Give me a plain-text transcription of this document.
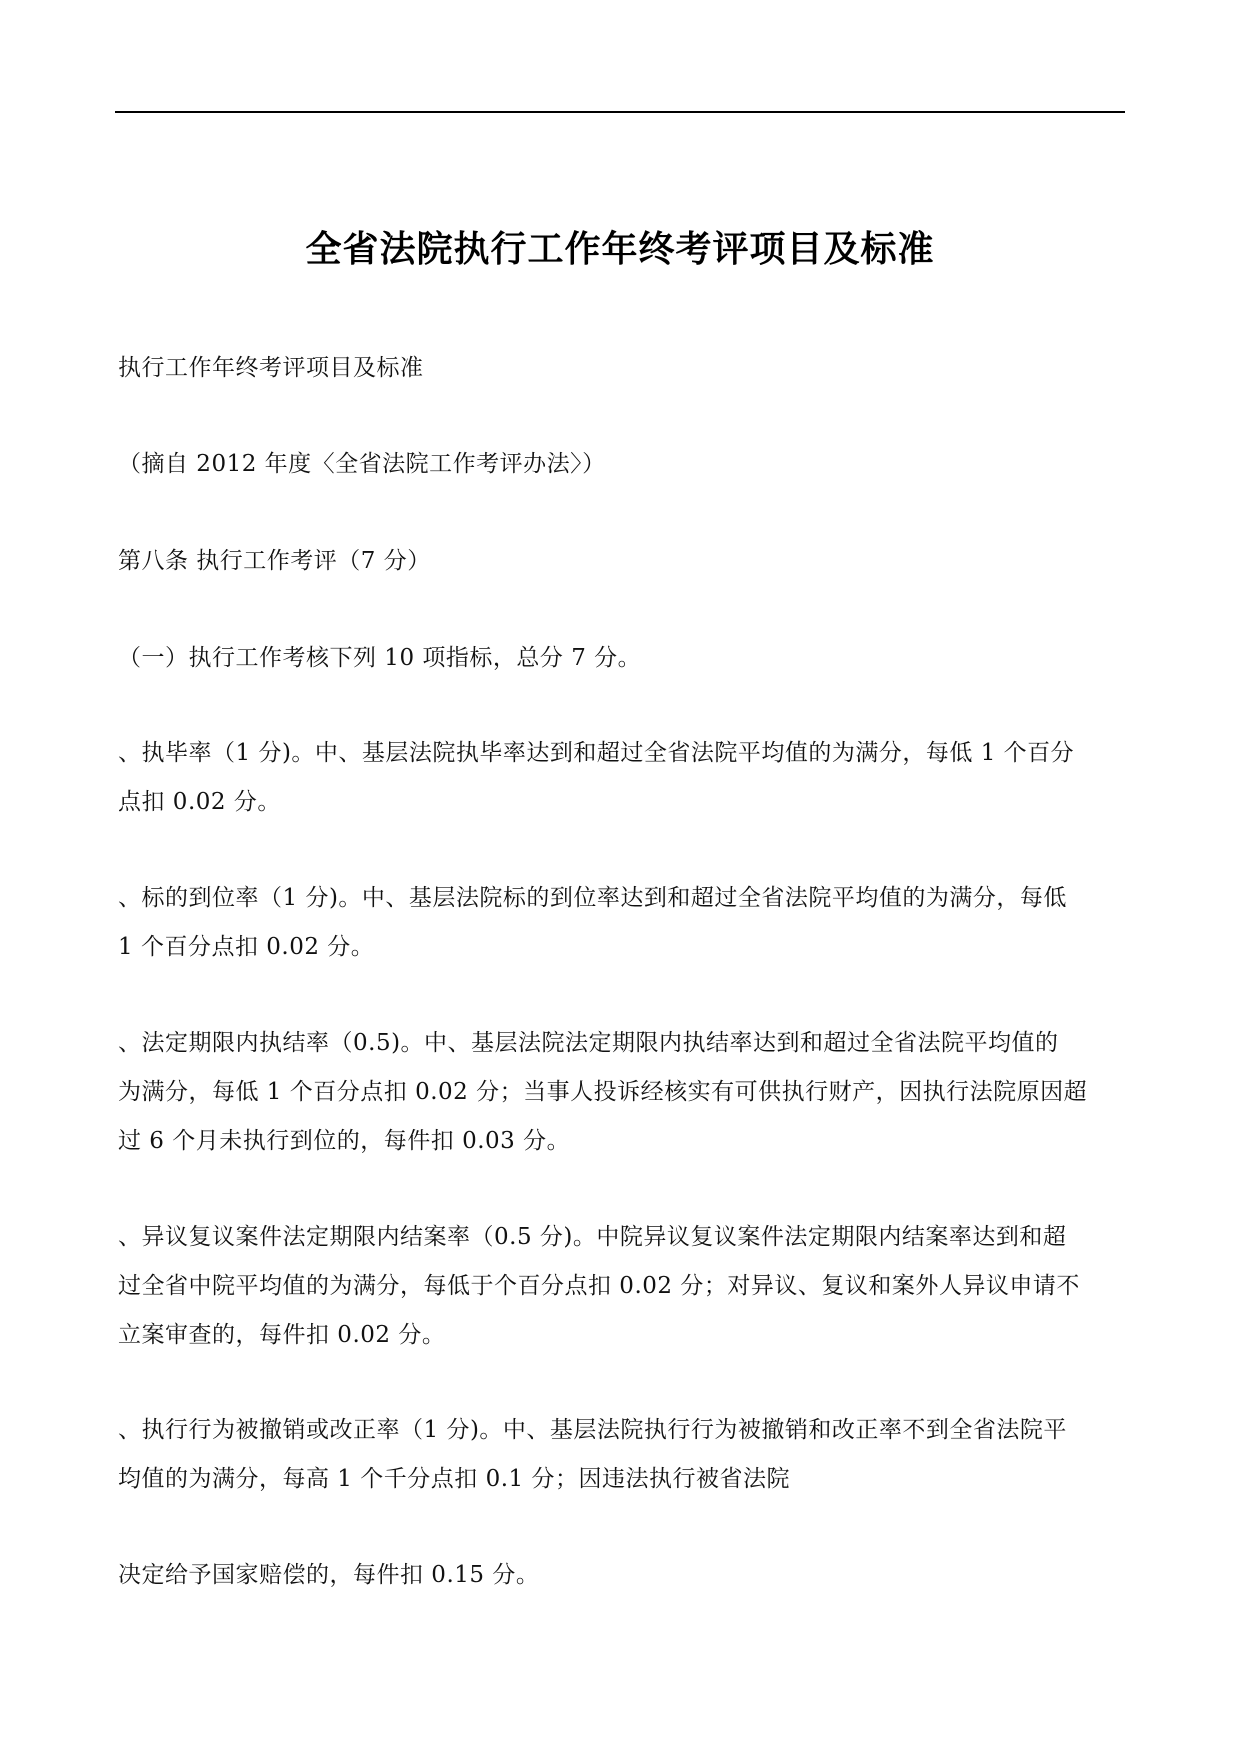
全省法院执行工作年终考评项目及标准
执行工作年终考评项目及标准
（摘自 2012 年度〈全省法院工作考评办法〉）
第八条 执行工作考评（7 分）
（一）执行工作考核下列 10 项指标，总分 7 分。
、执毕率（1 分)。中、基层法院执毕率达到和超过全省法院平均值的为满分，每低 1 个百分
点扣 0.02 分。
、标的到位率（1 分)。中、基层法院标的到位率达到和超过全省法院平均值的为满分，每低
1 个百分点扣 0.02 分。
、法定期限内执结率（0.5)。中、基层法院法定期限内执结率达到和超过全省法院平均值的
为满分，每低 1 个百分点扣 0.02 分；当事人投诉经核实有可供执行财产，因执行法院原因超
过 6 个月未执行到位的，每件扣 0.03 分。
、异议复议案件法定期限内结案率（0.5 分)。中院异议复议案件法定期限内结案率达到和超
过全省中院平均值的为满分，每低于个百分点扣 0.02 分；对异议、复议和案外人异议申请不
立案审查的，每件扣 0.02 分。
、执行行为被撤销或改正率（1 分)。中、基层法院执行行为被撤销和改正率不到全省法院平
均值的为满分，每高 1 个千分点扣 0.1 分；因违法执行被省法院
决定给予国家赔偿的，每件扣 0.15 分。
